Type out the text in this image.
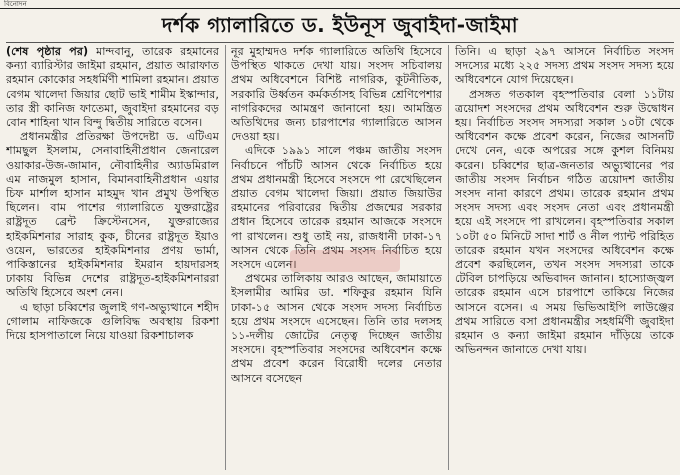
বিনোদন
দর্শক গ্যালারিতে ড. ইউনূস জুবাইদা-জাইমা

(শেষ পৃষ্ঠার পর) মান্দবানু, তারেক রহমানের কন্যা ব্যারিস্টার জাইমা রহমান, প্রয়াত আরাফাত রহমান কোকোর সহধর্মিণী শামিলা রহমান। প্রয়াত বেগম খালেদা জিয়ার ছোট ভাই শামীম ইস্কান্দার, তার স্ত্রী কানিজ ফাতেমা, জুবাইদা রহমানের বড় বোন শাহিনা খান বিন্দু দ্বিতীয় সারিতে বসেন।

প্রধানমন্ত্রীর প্রতিরক্ষা উপদেষ্টা ড. এটিএম শামছুল ইসলাম, সেনাবাহিনীপ্রধান জেনারেল ওয়াকার-উজ-জামান, নৌবাহিনীর অ্যাডমিরাল এম নাজমুল হাসান, বিমানবাহিনীপ্রধান এয়ার চিফ মার্শাল হাসান মাহমুদ খান প্রমুখ উপস্থিত ছিলেন। বাম পাশের গ্যালারিতে যুক্তরাষ্ট্রের রাষ্ট্রদূত ব্রেন্ট ক্রিস্টেনসেন, যুক্তরাজ্যের হাইকমিশনার সারাহ কুক, চীনের রাষ্ট্রদূত ইয়াও ওয়েন, ভারতের হাইকমিশনার প্রণয় ভার্মা, পাকিস্তানের হাইকমিশনার ইমরান হায়দারসহ ঢাকায় বিভিন্ন দেশের রাষ্ট্রদূত-হাইকমিশনাররা অতিথি হিসেবে অংশ নেন।

এ ছাড়া চব্বিশের জুলাই গণ-অভ্যুত্থানে শহীদ গোলাম নাফিজকে গুলিবিদ্ধ অবস্থায় রিকশা দিয়ে হাসপাতালে নিয়ে যাওয়া রিকশাচালক

নূর মুহাম্মদও দর্শক গ্যালারিতে অতিথি হিসেবে উপস্থিত থাকতে দেখা যায়। সংসদ সচিবালয় প্রথম অধিবেশনে বিশিষ্ট নাগরিক, কূটনীতিক, সরকারি উর্ধ্বতন কর্মকর্তাসহ বিভিন্ন শ্রেণিপেশার নাগরিকদের আমন্ত্রণ জানানো হয়। আমন্ত্রিত অতিথিদের জন্য চারপাশের গ্যালারিতে আসন দেওয়া হয়।

এদিকে ১৯৯১ সালে পঞ্চম জাতীয় সংসদ নির্বাচনে পাঁচটি আসন থেকে নির্বাচিত হয়ে প্রথম প্রধানমন্ত্রী হিসেবে সংসদে পা রেখেছিলেন প্রয়াত বেগম খালেদা জিয়া। প্রয়াত জিয়াউর রহমানের পরিবারের দ্বিতীয় প্রজন্মের সরকার প্রধান হিসেবে তারেক রহমান আজকে সংসদে পা রাখলেন। শুধু তাই নয়, রাজধানী ঢাকা-১৭ আসন থেকে তিনি প্রথম সংসদ নির্বাচিত হয়ে সংসদে এলেন।

প্রথমের তালিকায় আরও আছেন, জামায়াতে ইসলামীর আমির ডা. শফিকুর রহমান যিনি ঢাকা-১৫ আসন থেকে সংসদ সদস্য নির্বাচিত হয়ে প্রথম সংসদে এসেছেন। তিনি তার দলসহ ১১-দলীয় জোটের নেতৃত্ব দিচ্ছেন জাতীয় সংসদে। বৃহস্পতিবার সংসদের অধিবেশন কক্ষে প্রথম প্রবেশ করেন বিরোধী দলের নেতার আসনে বসেছেন

তিনি। এ ছাড়া ২৯৭ আসনে নির্বাচিত সংসদ সদস্যের মধ্যে ২২৫ সদস্য প্রথম সংসদ সদস্য হয়ে অধিবেশনে যোগ দিয়েছেন।

প্রসঙ্গত গতকাল বৃহস্পতিবার বেলা ১১টায় ত্রয়োদশ সংসদের প্রথম অধিবেশন শুরু উদ্বোধন হয়। নির্বাচিত সংসদ সদস্যরা সকাল ১০টা থেকে অধিবেশন কক্ষে প্রবেশ করেন, নিজের আসনটি দেখে নেন, একে অপরের সঙ্গে কুশল বিনিময় করেন। চব্বিশের ছাত্র-জনতার অভ্যুত্থানের পর জাতীয় সংসদ নির্বাচন গঠিত ত্রয়োদশ জাতীয় সংসদ নানা কারণে প্রথম। তারেক রহমান প্রথম সংসদ সদস্য এবং সংসদ নেতা এবং প্রধানমন্ত্রী হয়ে এই সংসদে পা রাখলেন। বৃহস্পতিবার সকাল ১০টা ৫০ মিনিটে সাদা শার্ট ও নীল প্যান্ট পরিহিত তারেক রহমান যখন সংসদের অধিবেশন কক্ষে প্রবেশ করছিলেন, তখন সংসদ সদস্যরা তাকে টেবিল চাপড়িয়ে অভিবাদন জানান। হাস্যোজ্জ্বল তারেক রহমান এসে চারপাশে তাকিয়ে নিজের আসনে বসেন। এ সময় ভিভিআইপি লাউঞ্জের প্রথম সারিতে বসা প্রধানমন্ত্রীর সহধর্মিণী জুবাইদা রহমান ও কন্যা জাইমা রহমান দাঁড়িয়ে তাকে অভিনন্দন জানাতে দেখা যায়।
